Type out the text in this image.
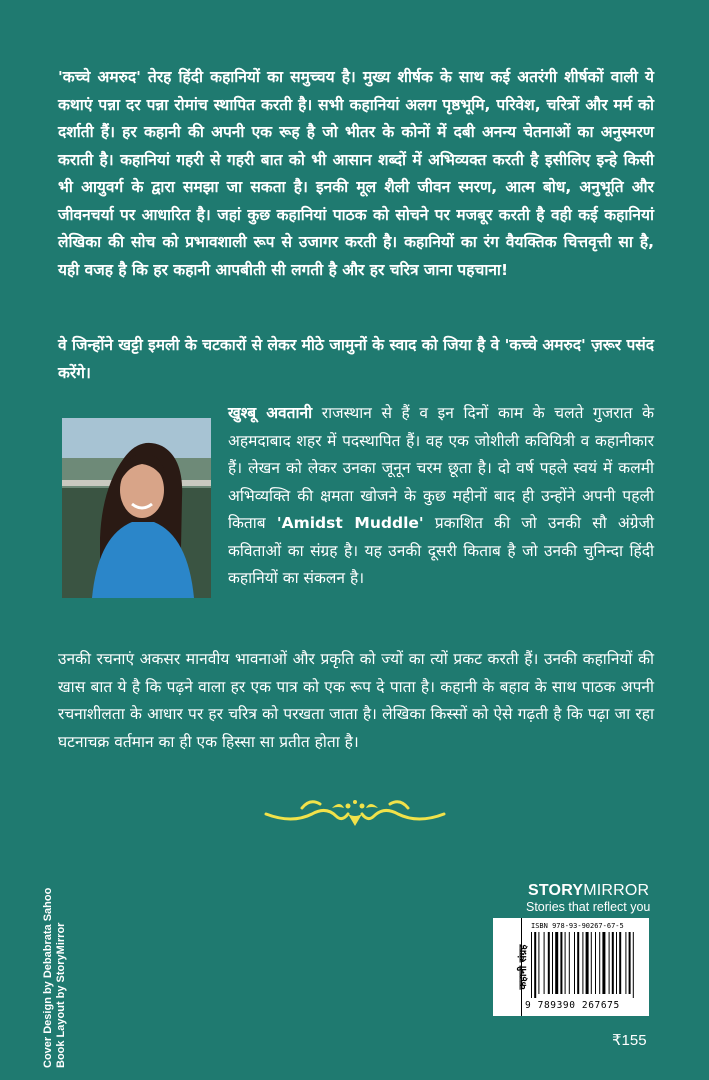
'कच्चे अमरुद' तेरह हिंदी कहानियों का समुच्चय है। मुख्य शीर्षक के साथ कई अतरंगी शीर्षकों वाली ये कथाएं पन्ना दर पन्ना रोमांच स्थापित करती है। सभी कहानियां अलग पृष्ठभूमि, परिवेश, चरित्रों और मर्म को दर्शाती हैं। हर कहानी की अपनी एक रूह है जो भीतर के कोनों में दबी अनन्य चेतनाओं का अनुस्मरण कराती है। कहानियां गहरी से गहरी बात को भी आसान शब्दों में अभिव्यक्त करती है इसीलिए इन्हे किसी भी आयुवर्ग के द्वारा समझा जा सकता है। इनकी मूल शैली जीवन स्मरण, आत्म बोध, अनुभूति और जीवनचर्या पर आधारित है। जहां कुछ कहानियां पाठक को सोचने पर मजबूर करती है वही कई कहानियां लेखिका की सोच को प्रभावशाली रूप से उजागर करती है। कहानियों का रंग वैयक्तिक चित्तवृत्ती सा है, यही वजह है कि हर कहानी आपबीती सी लगती है और हर चरित्र जाना पहचाना!

वे जिन्होंने खट्टी इमली के चटकारों से लेकर मीठे जामुनों के स्वाद को जिया है वे 'कच्चे अमरुद' ज़रूर पसंद करेंगे।

खुश्बू अवतानी राजस्थान से हैं व इन दिनों काम के चलते गुजरात के अहमदाबाद शहर में पदस्थापित हैं। वह एक जोशीली कवियित्री व कहानीकार हैं। लेखन को लेकर उनका जूनून चरम छूता है। दो वर्ष पहले स्वयं में कलमी अभिव्यक्ति की क्षमता खोजने के कुछ महीनों बाद ही उन्होंने अपनी पहली किताब 'Amidst Muddle' प्रकाशित की जो उनकी सौ अंग्रेजी कविताओं का संग्रह है। यह उनकी दूसरी किताब है जो उनकी चुनिन्दा हिंदी कहानियों का संकलन है।

उनकी रचनाएं अकसर मानवीय भावनाओं और प्रकृति को ज्यों का त्यों प्रकट करती हैं। उनकी कहानियों की खास बात ये है कि पढ़ने वाला हर एक पात्र को एक रूप दे पाता है। कहानी के बहाव के साथ पाठक अपनी रचनाशीलता के आधार पर हर चरित्र को परखता जाता है। लेखिका किस्सों को ऐसे गढ़ती है कि पढ़ा जा रहा घटनाचक्र वर्तमान का ही एक हिस्सा सा प्रतीत होता है।

Cover Design by Debabrata Sahoo Book Layout by StoryMirror
STORYMIRROR
Stories that reflect you
कहानी संग्रह
ISBN 978-93-90267-67-5
9 789390 267675
₹155
